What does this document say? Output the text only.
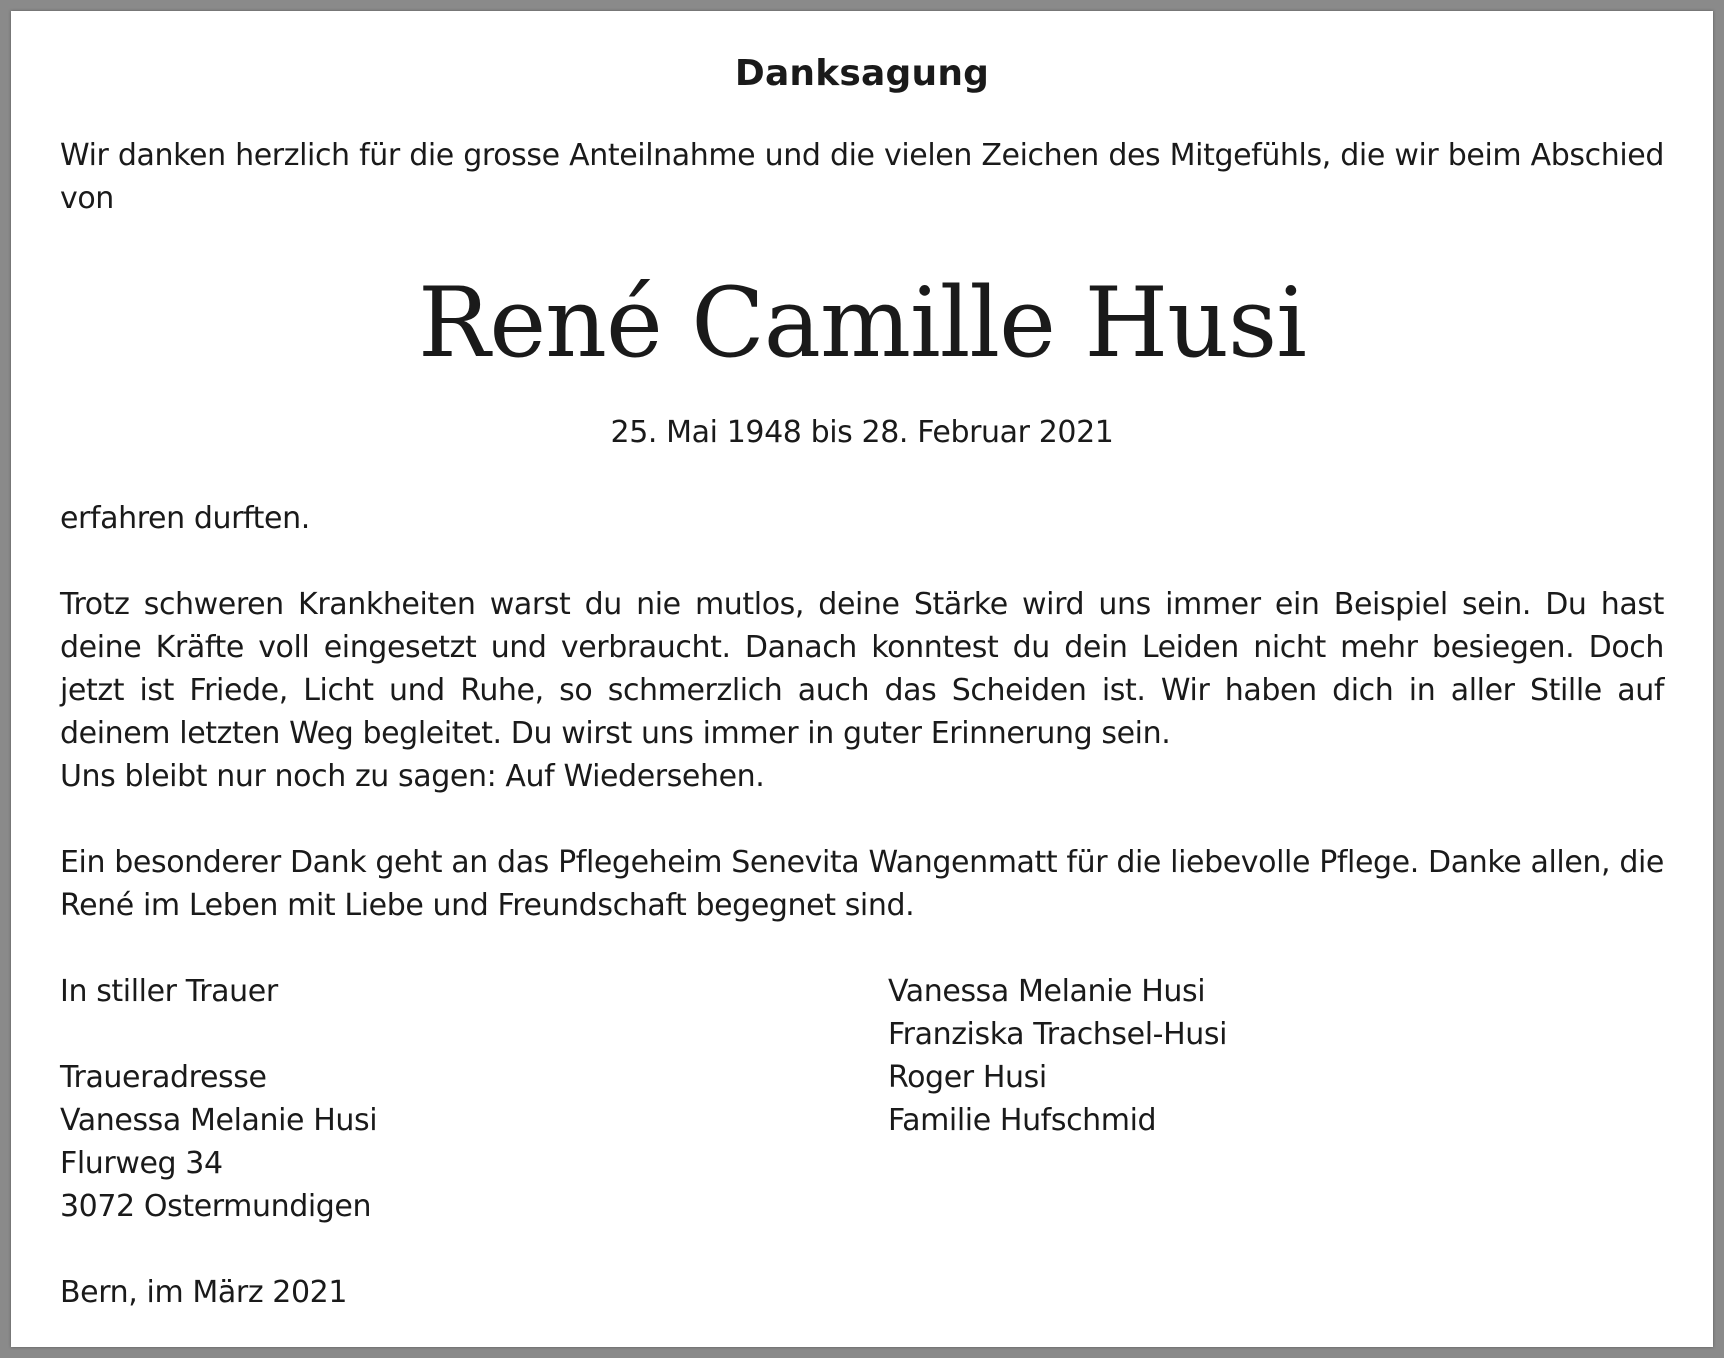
Danksagung
Wir danken herzlich für die grosse Anteilnahme und die vielen Zeichen des Mitgefühls, die wir beim Abschied von
René Camille Husi
25. Mai 1948 bis 28. Februar 2021
erfahren durften.
Trotz schweren Krankheiten warst du nie mutlos, deine Stärke wird uns immer ein Beispiel sein. Du hast deine Kräfte voll eingesetzt und verbraucht. Danach konntest du dein Leiden nicht mehr besiegen. Doch jetzt ist Friede, Licht und Ruhe, so schmerzlich auch das Scheiden ist. Wir haben dich in aller Stille auf deinem letzten Weg begleitet. Du wirst uns immer in guter Erinnerung sein.
Uns bleibt nur noch zu sagen: Auf Wiedersehen.
Ein besonderer Dank geht an das Pflegeheim Senevita Wangenmatt für die liebevolle Pflege. Danke allen, die René im Leben mit Liebe und Freundschaft begegnet sind.
In stiller Trauer
Traueradresse
Vanessa Melanie Husi
Flurweg 34
3072 Ostermundigen
Bern, im März 2021
Vanessa Melanie Husi
Franziska Trachsel-Husi
Roger Husi
Familie Hufschmid
